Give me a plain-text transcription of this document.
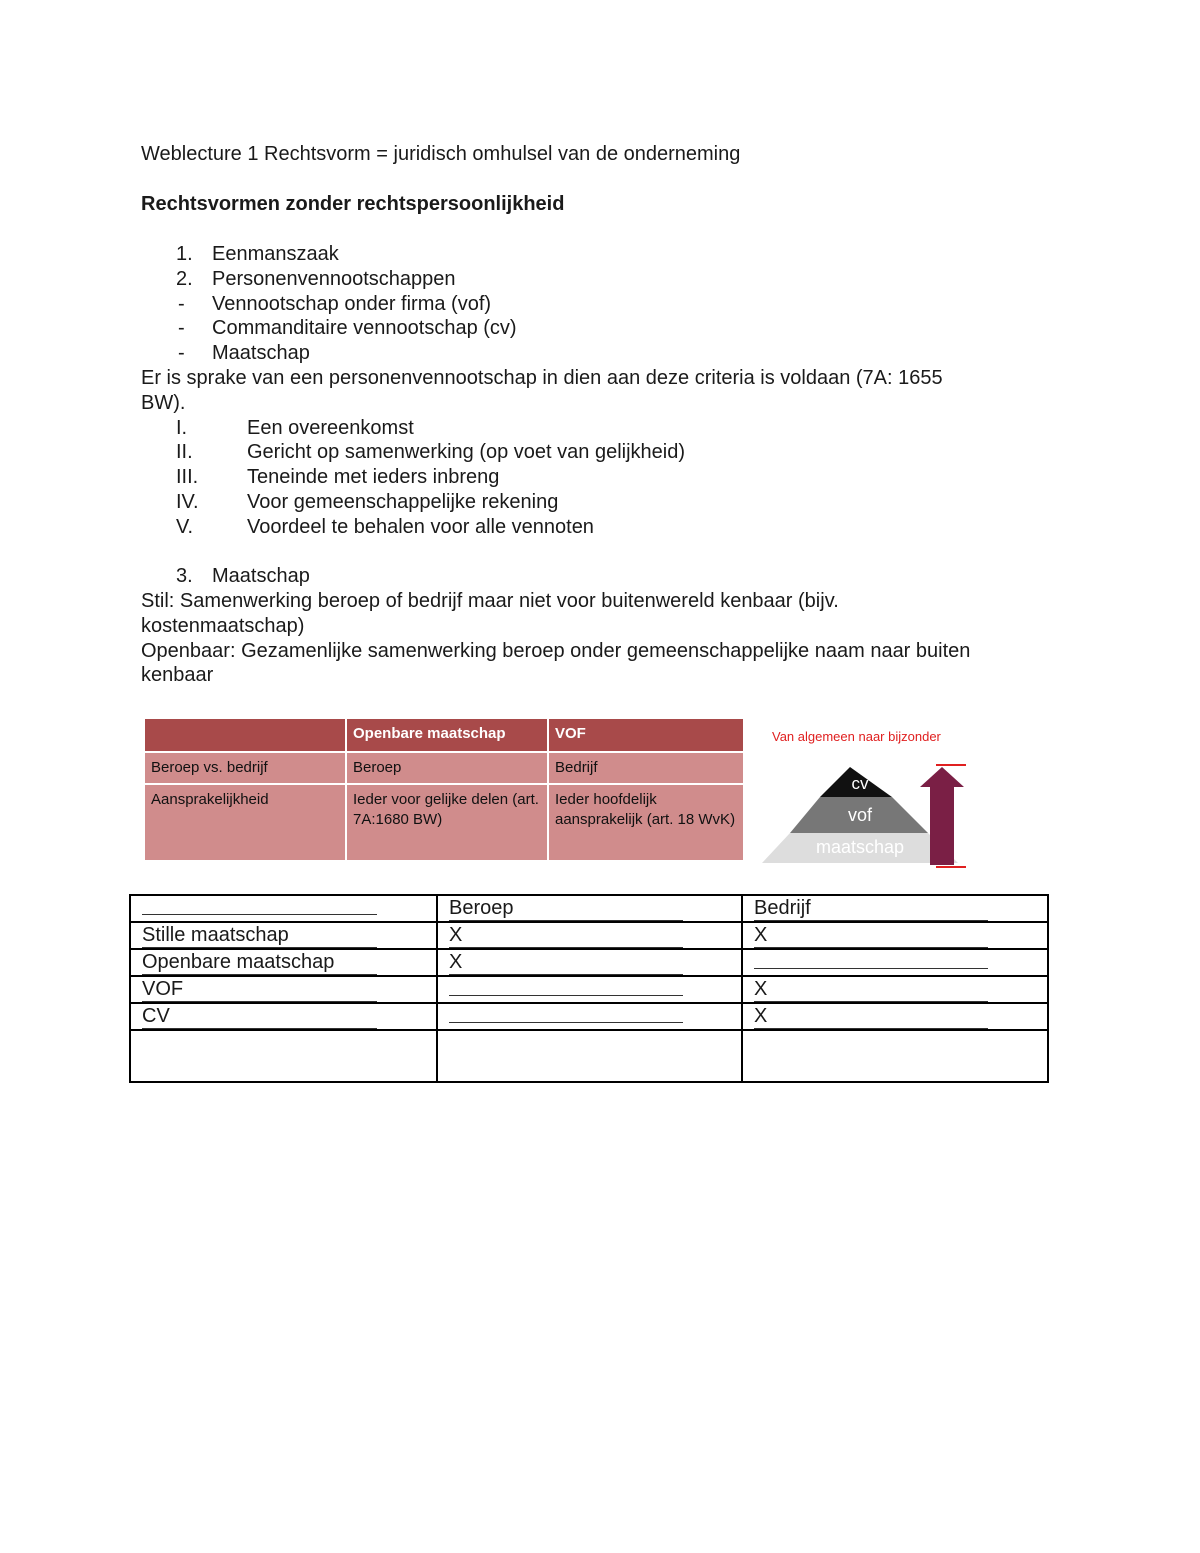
Weblecture 1 Rechtsvorm = juridisch omhulsel van de onderneming
Rechtsvormen zonder rechtspersoonlijkheid
1. Eenmanszaak
2. Personenvennootschappen
- Vennootschap onder firma (vof)
- Commanditaire vennootschap (cv)
- Maatschap
Er is sprake van een personenvennootschap in dien aan deze criteria is voldaan (7A: 1655
BW).
I.	Een overeenkomst
II.	Gericht op samenwerking (op voet van gelijkheid)
III. Teneinde met ieders inbreng
IV. Voor gemeenschappelijke rekening
V.	Voordeel te behalen voor alle vennoten
3. Maatschap
Stil: Samenwerking beroep of bedrijf maar niet voor buitenwereld kenbaar (bijv.
kostenmaatschap)
Openbaar: Gezamenlijke samenwerking beroep onder gemeenschappelijke naam naar buiten
kenbaar
	Openbare maatschap	VOF
Beroep vs. bedrijf	Beroep	Bedrijf
Aansprakelijkheid	Ieder voor gelijke delen (art. 7A:1680 BW)	Ieder hoofdelijk aansprakelijk (art. 18 WvK)
Van algemeen naar bijzonder
cv
vof
maatschap
	Beroep	Bedrijf
Stille maatschap	X	X
Openbare maatschap	X	
VOF		X
CV		X
